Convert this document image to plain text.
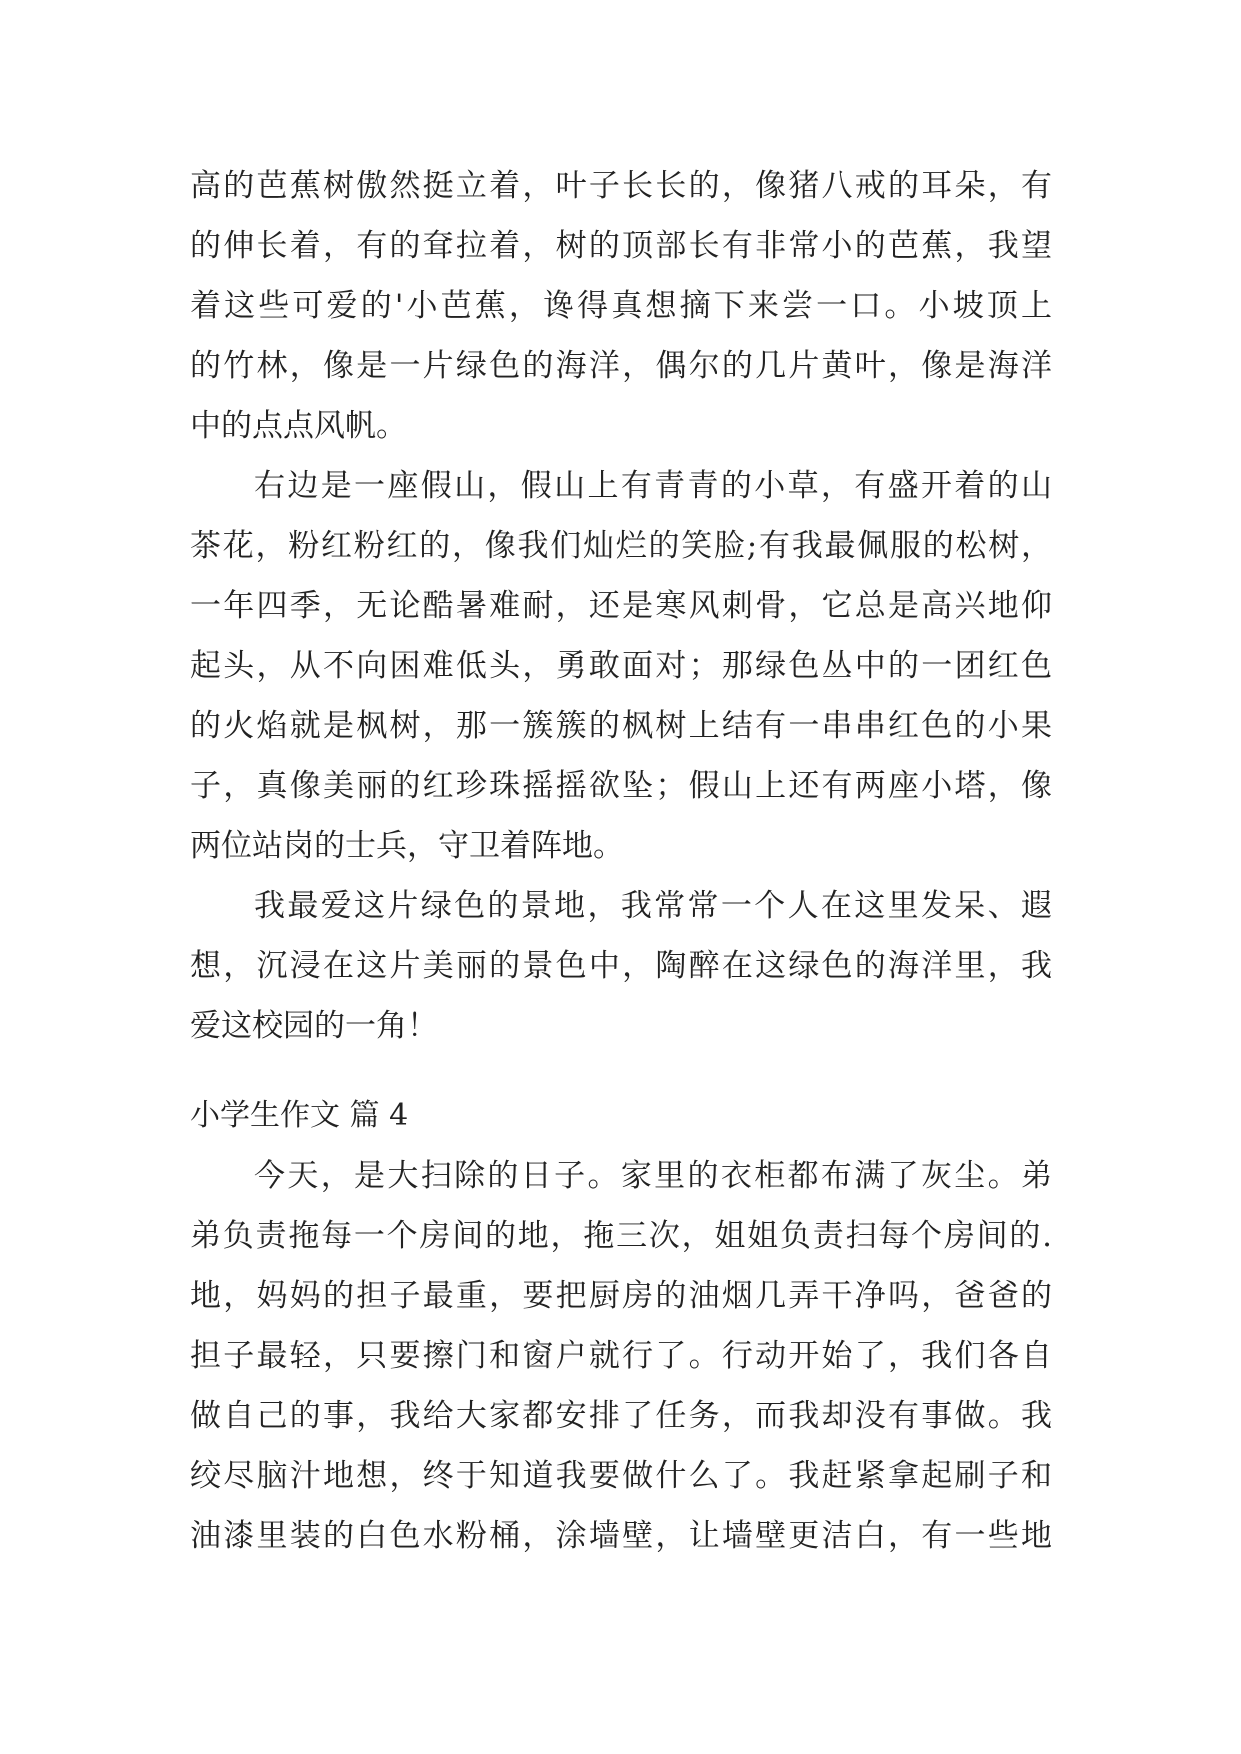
高的芭蕉树傲然挺立着，叶子长长的，像猪八戒的耳朵，有
的伸长着，有的耷拉着，树的顶部长有非常小的芭蕉，我望
着这些可爱的'小芭蕉，谗得真想摘下来尝一口。小坡顶上
的竹林，像是一片绿色的海洋，偶尔的几片黄叶，像是海洋
中的点点风帆。
右边是一座假山，假山上有青青的小草，有盛开着的山
茶花，粉红粉红的，像我们灿烂的笑脸;有我最佩服的松树，
一年四季，无论酷暑难耐，还是寒风刺骨，它总是高兴地仰
起头，从不向困难低头，勇敢面对；那绿色丛中的一团红色
的火焰就是枫树，那一簇簇的枫树上结有一串串红色的小果
子，真像美丽的红珍珠摇摇欲坠；假山上还有两座小塔，像
两位站岗的士兵，守卫着阵地。
我最爱这片绿色的景地，我常常一个人在这里发呆、遐
想，沉浸在这片美丽的景色中，陶醉在这绿色的海洋里，我
爱这校园的一角！
小学生作文 篇 4
今天，是大扫除的日子。家里的衣柜都布满了灰尘。弟
弟负责拖每一个房间的地，拖三次，姐姐负责扫每个房间的.
地，妈妈的担子最重，要把厨房的油烟几弄干净吗，爸爸的
担子最轻，只要擦门和窗户就行了。行动开始了，我们各自
做自己的事，我给大家都安排了任务，而我却没有事做。我
绞尽脑汁地想，终于知道我要做什么了。我赶紧拿起刷子和
油漆里装的白色水粉桶，涂墙壁，让墙壁更洁白，有一些地
